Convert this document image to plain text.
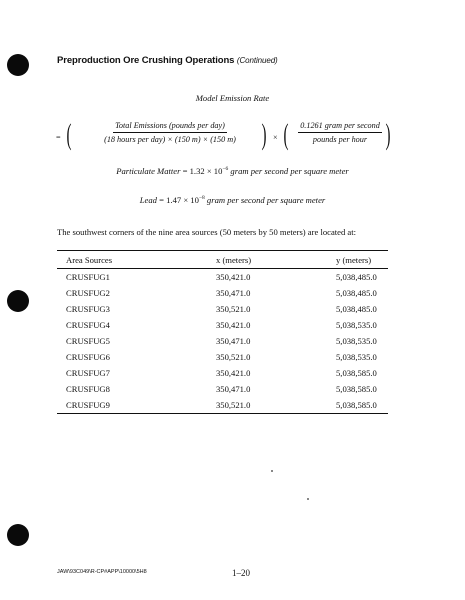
Preproduction Ore Crushing Operations (Continued)
Model Emission Rate
= (	Total Emissions (pounds per day)
(18 hours per day) × (150 m) × (150 m) ) × ( 0.1261 gram per second
pounds per hour )
Particulate Matter = $1.32 \times 10^{-6}$ gram per second per square meter
Lead = $1.47 \times 10^{-8}$ gram per second per square meter
The southwest corners of the nine area sources (50 meters by 50 meters) are located at:
Area Sources	x (meters)	y (meters)
CRUSFUG1	350,421.0	5,038,485.0
CRUSFUG2	350,471.0	5,038,485.0
CRUSFUG3	350,521.0	5,038,485.0
CRUSFUG4	350,421.0	5,038,535.0
CRUSFUG5	350,471.0	5,038,535.0
CRUSFUG6	350,521.0	5,038,535.0
CRUSFUG7	350,421.0	5,038,585.0
CRUSFUG8	350,471.0	5,038,585.0
CRUSFUG9	350,521.0	5,038,585.0
JAW\93C049\R-CP#APP\10000\5H8	1–20
